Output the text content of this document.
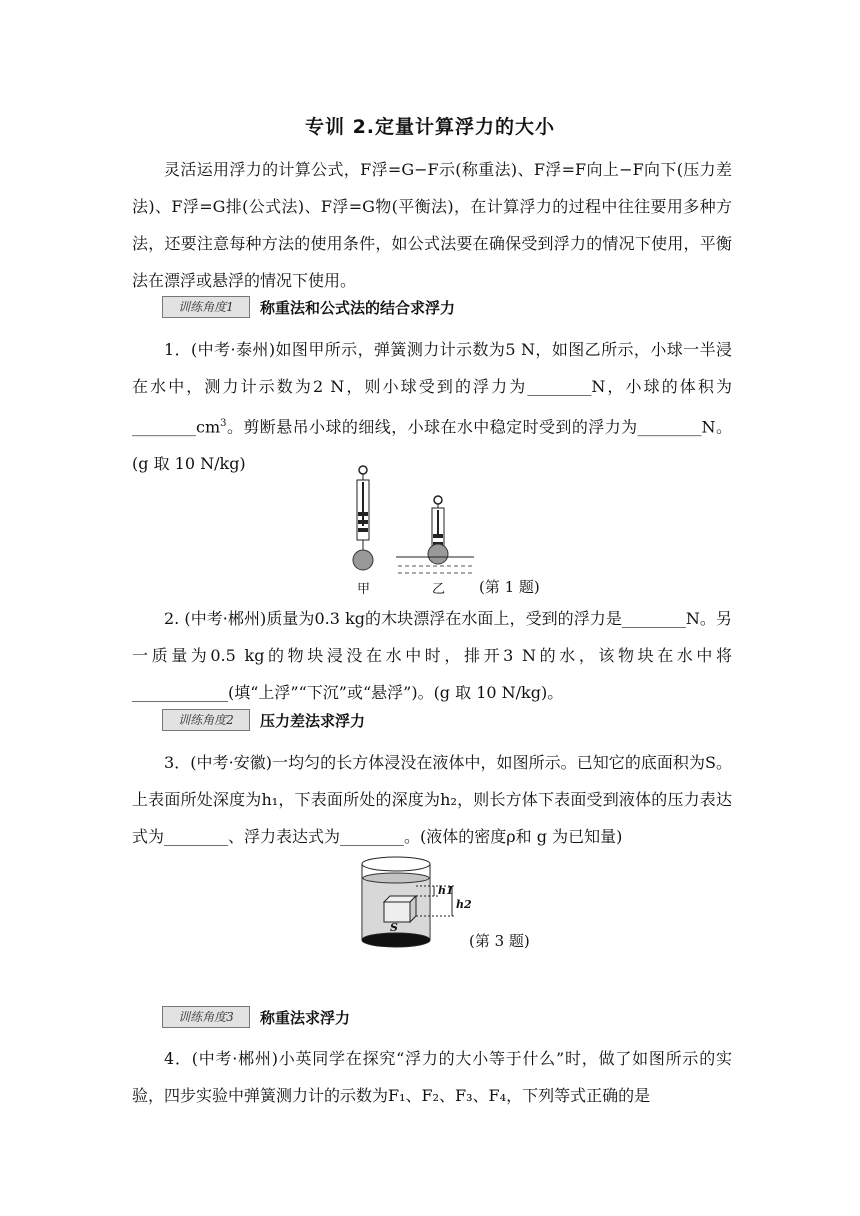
专训 2.定量计算浮力的大小

灵活运用浮力的计算公式，F浮=G−F示(称重法)、F浮=F向上−F向下(压力差法)、F浮=G排(公式法)、F浮=G物(平衡法)，在计算浮力的过程中往往要用多种方法，还要注意每种方法的使用条件，如公式法要在确保受到浮力的情况下使用，平衡法在漂浮或悬浮的情况下使用。

训练角度1	称重法和公式法的结合求浮力

1．(中考·泰州)如图甲所示，弹簧测力计示数为5 N，如图乙所示，小球一半浸在水中，测力计示数为2 N，则小球受到的浮力为________N，小球的体积为$\_\_\_\_\_\_\_\_cm^3$。剪断悬吊小球的细线，小球在水中稳定时受到的浮力为________N。(g 取 10 N/kg)

甲	乙 (第 1 题)

2. (中考·郴州)质量为0.3 kg的木块漂浮在水面上，受到的浮力是________N。另一质量为0.5 kg的物块浸没在水中时，排开3 N的水，该物块在水中将____________(填“上浮”“下沉”或“悬浮”)。(g 取 10 N/kg)。

训练角度2	压力差法求浮力

3．(中考·安徽)一均匀的长方体浸没在液体中，如图所示。已知它的底面积为S。上表面所处深度为h₁，下表面所处的深度为h₂，则长方体下表面受到液体的压力表达式为________、浮力表达式为________。(液体的密度ρ和 g 为已知量)

h1
h2
S
(第 3 题)
训练角度3	称重法求浮力

4．(中考·郴州)小英同学在探究“浮力的大小等于什么”时，做了如图所示的实验，四步实验中弹簧测力计的示数为F₁、F₂、F₃、F₄，下列等式正确的是
